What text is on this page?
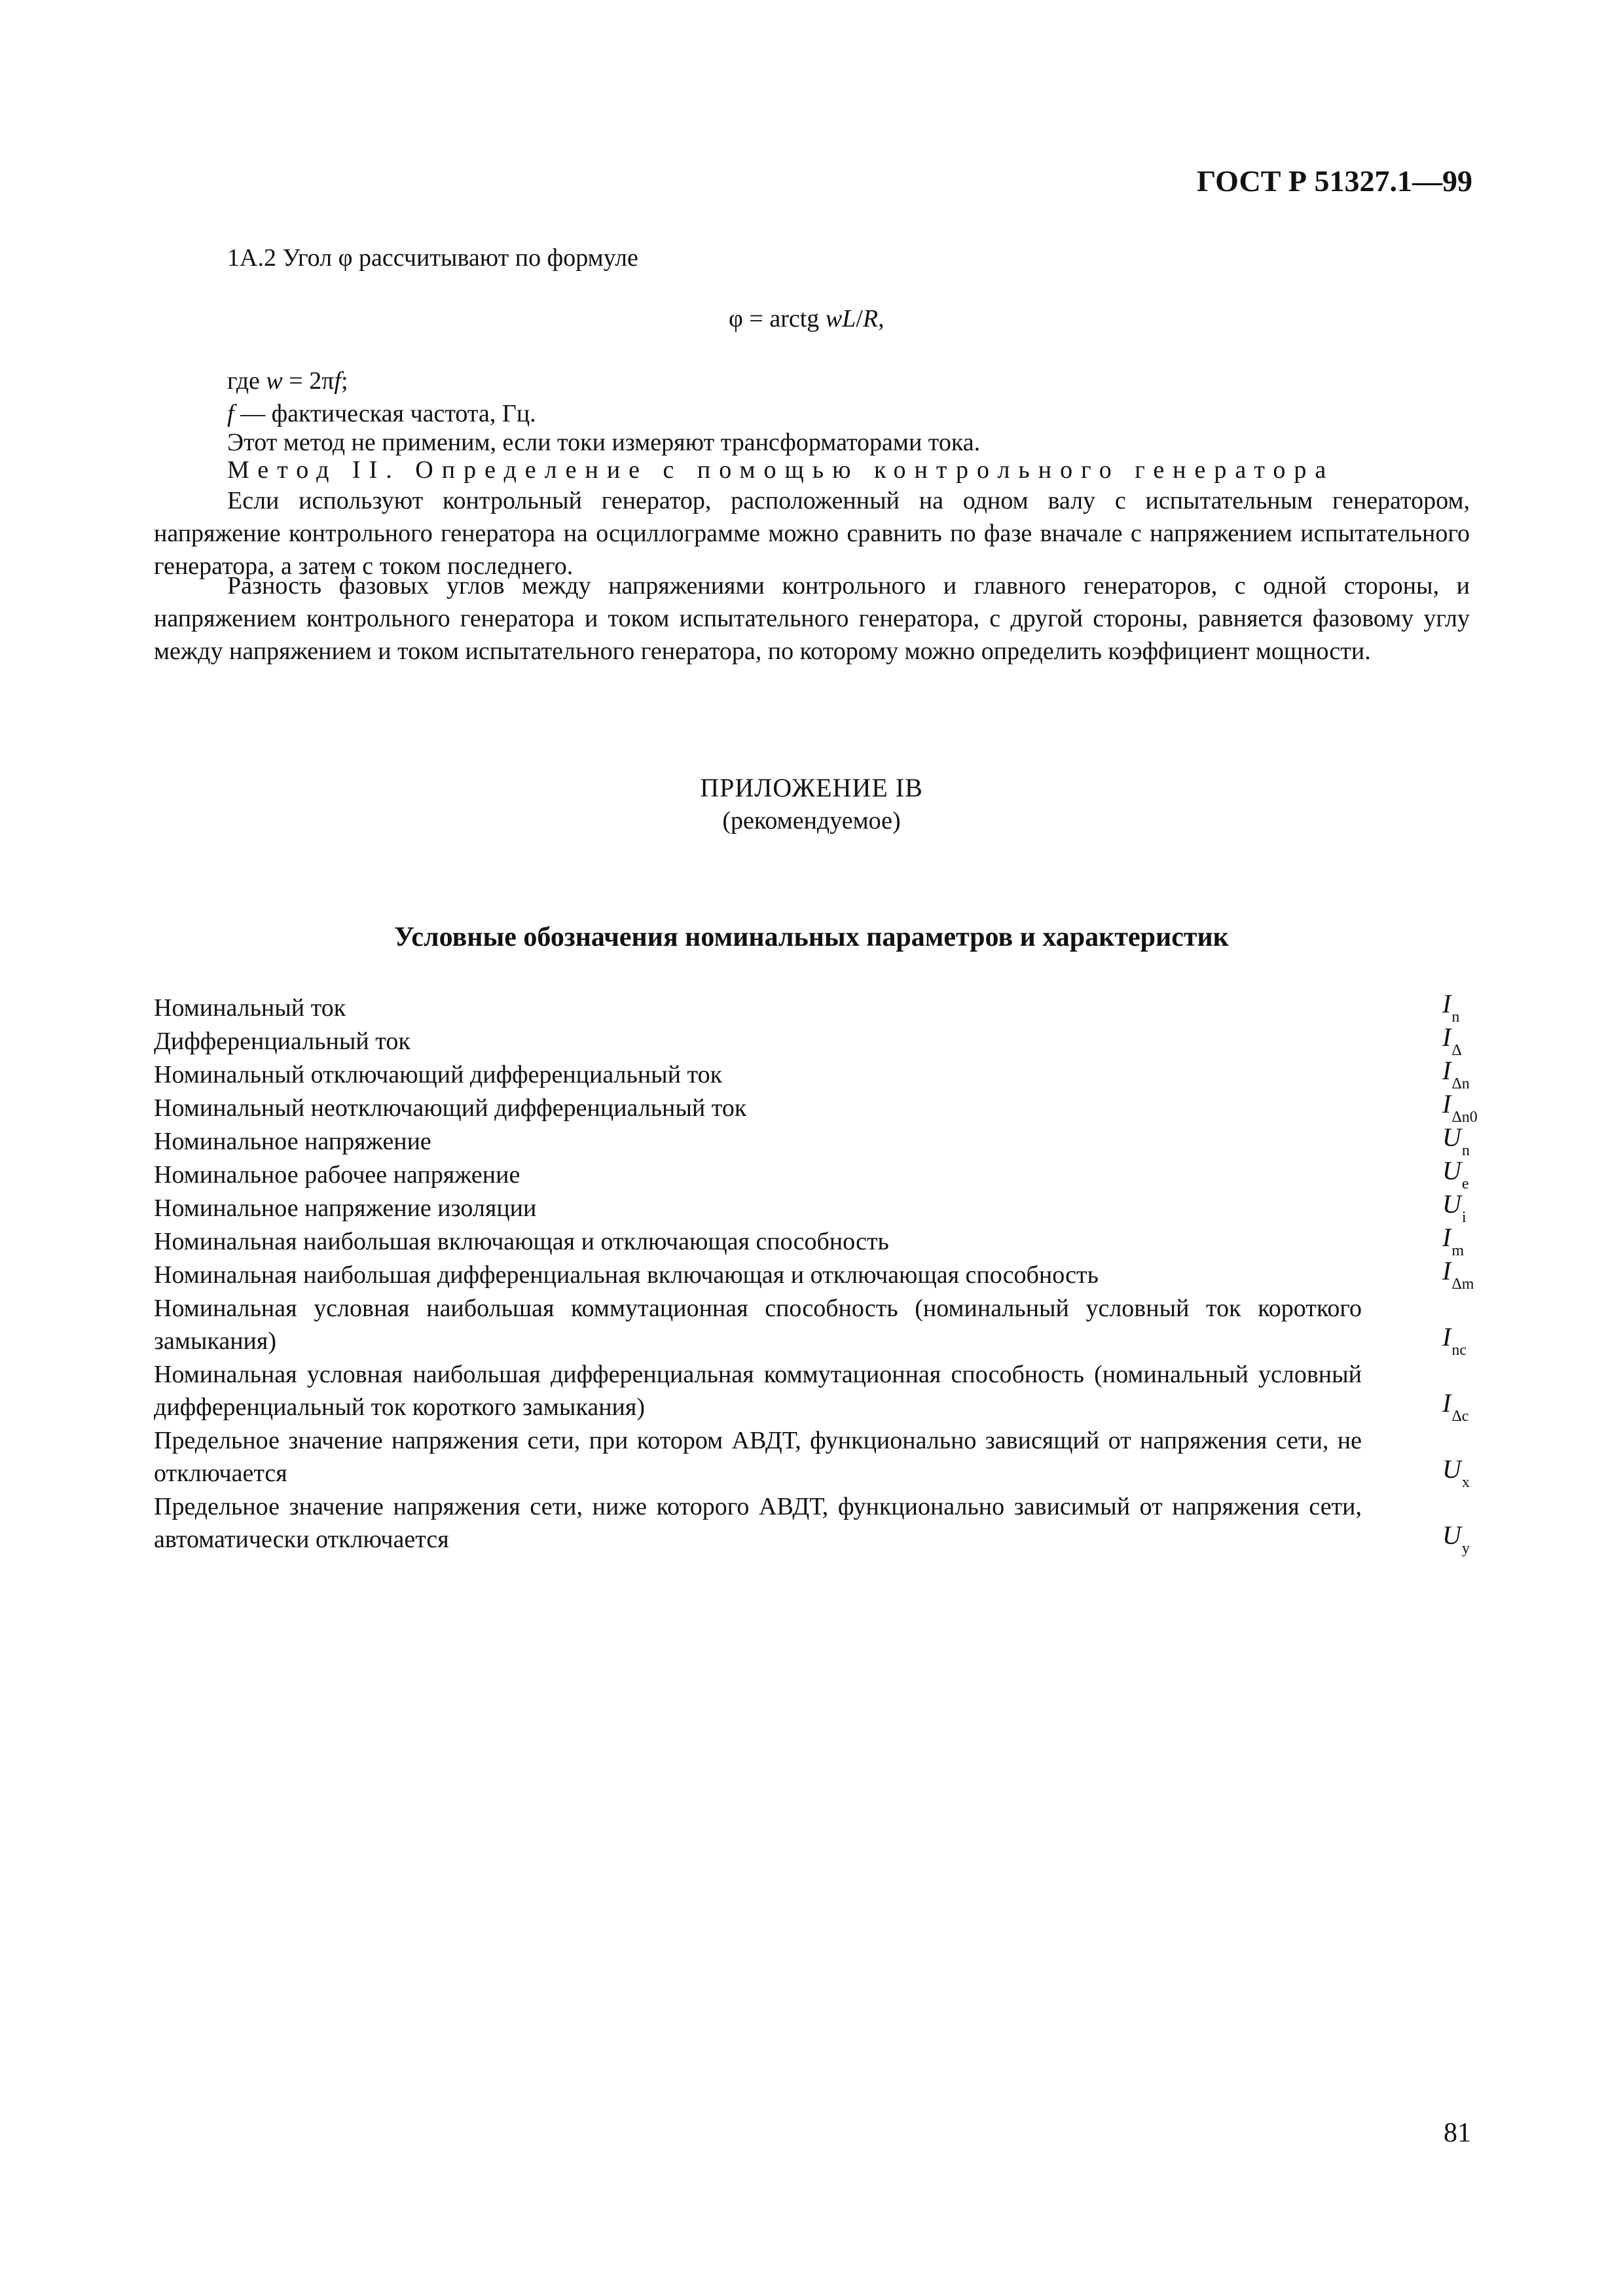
ГОСТ Р 51327.1—99
1А.2 Угол φ рассчитывают по формуле
φ = arctg wL/R,
где w = 2πf;
f — фактическая частота, Гц.
Этот метод не применим, если токи измеряют трансформаторами тока.
Метод II. Определение с помощью контрольного генератора
Если используют контрольный генератор, расположенный на одном валу с испытательным генератором, напряжение контрольного генератора на осциллограмме можно сравнить по фазе вначале с напряжением испытательного генератора, а затем с током последнего.
Разность фазовых углов между напряжениями контрольного и главного генераторов, с одной стороны, и напряжением контрольного генератора и током испытательного генератора, с другой стороны, равняется фазовому углу между напряжением и током испытательного генератора, по которому можно определить коэффициент мощности.
ПРИЛОЖЕНИЕ IB
(рекомендуемое)
Условные обозначения номинальных параметров и характеристик
Номинальный ток	$I_n$
Дифференциальный ток	$I_\Delta$
Номинальный отключающий дифференциальный ток	$I_{\Delta n}$
Номинальный неотключающий дифференциальный ток	$I_{\Delta n0}$
Номинальное напряжение	$U_n$
Номинальное рабочее напряжение	$U_e$
Номинальное напряжение изоляции	$U_i$
Номинальная наибольшая включающая и отключающая способность	$I_m$
Номинальная наибольшая дифференциальная включающая и отключающая способность	$I_{\Delta m}$
Номинальная условная наибольшая коммутационная способность (номинальный условный ток короткого замыкания)	$I_{nc}$
Номинальная условная наибольшая дифференциальная коммутационная способность (номинальный условный дифференциальный ток короткого замыкания)	$I_{\Delta c}$
Предельное значение напряжения сети, при котором АВДТ, функционально зависящий от напряжения сети, не отключается	$U_x$
Предельное значение напряжения сети, ниже которого АВДТ, функционально зависимый от напряжения сети, автоматически отключается	$U_y$
81
